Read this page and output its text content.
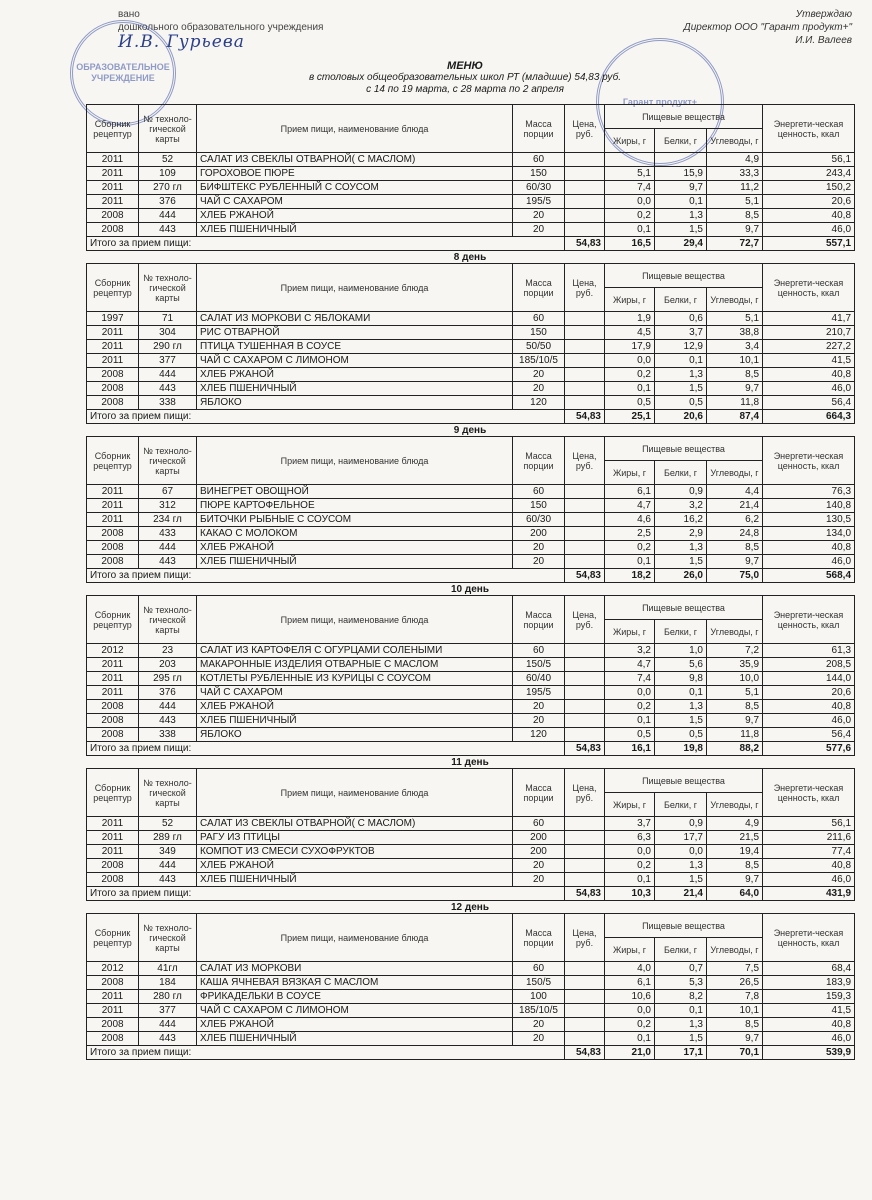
вано
дошкольного образовательного учреждения
И.В. Гурьева
ОБРАЗОВАТЕЛЬНОЕ УЧРЕЖДЕНИЕ
Утверждаю
Директор ООО "Гарант продукт+"
И.И. Валеев
Гарант продукт+
МЕНЮ
в столовых общеобразовательных школ РТ (младшие) 54,83 руб.
с 14 по 19 марта, с 28 марта по 2 апреля
Сборник рецептур	№ техноло-гической карты	Прием пищи, наименование блюда	Масса порции	Цена, руб.	Пищевые вещества			Энергети-ческая ценность, ккал
					Жиры, г	Белки, г	Углеводы, г	
2011	52	САЛАТ ИЗ СВЕКЛЫ ОТВАРНОЙ( С МАСЛОМ)	60				4,9	56,1
2011	109	ГОРОХОВОЕ ПЮРЕ	150		5,1	15,9	33,3	243,4
2011	270 гл	БИФШТЕКС РУБЛЕННЫЙ С СОУСОМ	60/30		7,4	9,7	11,2	150,2
2011	376	ЧАЙ С САХАРОМ	195/5		0,0	0,1	5,1	20,6
2008	444	ХЛЕБ РЖАНОЙ	20		0,2	1,3	8,5	40,8
2008	443	ХЛЕБ ПШЕНИЧНЫЙ	20		0,1	1,5	9,7	46,0
Итого за прием пищи:				54,83	16,5	29,4	72,7	557,1
8 день
Сборник рецептур	№ техноло-гической карты	Прием пищи, наименование блюда	Масса порции	Цена, руб.	Пищевые вещества			Энергети-ческая ценность, ккал
					Жиры, г	Белки, г	Углеводы, г	
1997	71	САЛАТ ИЗ МОРКОВИ С ЯБЛОКАМИ	60		1,9	0,6	5,1	41,7
2011	304	РИС ОТВАРНОЙ	150		4,5	3,7	38,8	210,7
2011	290 гл	ПТИЦА ТУШЕННАЯ В СОУСЕ	50/50		17,9	12,9	3,4	227,2
2011	377	ЧАЙ С САХАРОМ С ЛИМОНОМ	185/10/5		0,0	0,1	10,1	41,5
2008	444	ХЛЕБ РЖАНОЙ	20		0,2	1,3	8,5	40,8
2008	443	ХЛЕБ ПШЕНИЧНЫЙ	20		0,1	1,5	9,7	46,0
2008	338	ЯБЛОКО	120		0,5	0,5	11,8	56,4
Итого за прием пищи:				54,83	25,1	20,6	87,4	664,3
9 день
Сборник рецептур	№ техноло-гической карты	Прием пищи, наименование блюда	Масса порции	Цена, руб.	Пищевые вещества			Энергети-ческая ценность, ккал
					Жиры, г	Белки, г	Углеводы, г	
2011	67	ВИНЕГРЕТ ОВОЩНОЙ	60		6,1	0,9	4,4	76,3
2011	312	ПЮРЕ КАРТОФЕЛЬНОЕ	150		4,7	3,2	21,4	140,8
2011	234 гл	БИТОЧКИ РЫБНЫЕ С СОУСОМ	60/30		4,6	16,2	6,2	130,5
2008	433	КАКАО С МОЛОКОМ	200		2,5	2,9	24,8	134,0
2008	444	ХЛЕБ РЖАНОЙ	20		0,2	1,3	8,5	40,8
2008	443	ХЛЕБ ПШЕНИЧНЫЙ	20		0,1	1,5	9,7	46,0
Итого за прием пищи:				54,83	18,2	26,0	75,0	568,4
10 день
Сборник рецептур	№ техноло-гической карты	Прием пищи, наименование блюда	Масса порции	Цена, руб.	Пищевые вещества			Энергети-ческая ценность, ккал
					Жиры, г	Белки, г	Углеводы, г	
2012	23	САЛАТ ИЗ КАРТОФЕЛЯ С ОГУРЦАМИ СОЛЕНЫМИ	60		3,2	1,0	7,2	61,3
2011	203	МАКАРОННЫЕ ИЗДЕЛИЯ ОТВАРНЫЕ С МАСЛОМ	150/5		4,7	5,6	35,9	208,5
2011	295 гл	КОТЛЕТЫ РУБЛЕННЫЕ ИЗ КУРИЦЫ С СОУСОМ	60/40		7,4	9,8	10,0	144,0
2011	376	ЧАЙ С САХАРОМ	195/5		0,0	0,1	5,1	20,6
2008	444	ХЛЕБ РЖАНОЙ	20		0,2	1,3	8,5	40,8
2008	443	ХЛЕБ ПШЕНИЧНЫЙ	20		0,1	1,5	9,7	46,0
2008	338	ЯБЛОКО	120		0,5	0,5	11,8	56,4
Итого за прием пищи:				54,83	16,1	19,8	88,2	577,6
11 день
Сборник рецептур	№ техноло-гической карты	Прием пищи, наименование блюда	Масса порции	Цена, руб.	Пищевые вещества			Энергети-ческая ценность, ккал
					Жиры, г	Белки, г	Углеводы, г	
2011	52	САЛАТ ИЗ СВЕКЛЫ ОТВАРНОЙ( С МАСЛОМ)	60		3,7	0,9	4,9	56,1
2011	289 гл	РАГУ ИЗ ПТИЦЫ	200		6,3	17,7	21,5	211,6
2011	349	КОМПОТ ИЗ СМЕСИ СУХОФРУКТОВ	200		0,0	0,0	19,4	77,4
2008	444	ХЛЕБ РЖАНОЙ	20		0,2	1,3	8,5	40,8
2008	443	ХЛЕБ ПШЕНИЧНЫЙ	20		0,1	1,5	9,7	46,0
Итого за прием пищи:				54,83	10,3	21,4	64,0	431,9
12 день
Сборник рецептур	№ техноло-гической карты	Прием пищи, наименование блюда	Масса порции	Цена, руб.	Пищевые вещества			Энергети-ческая ценность, ккал
					Жиры, г	Белки, г	Углеводы, г	
2012	41гл	САЛАТ ИЗ МОРКОВИ	60		4,0	0,7	7,5	68,4
2008	184	КАША ЯЧНЕВАЯ ВЯЗКАЯ С МАСЛОМ	150/5		6,1	5,3	26,5	183,9
2011	280 гл	ФРИКАДЕЛЬКИ В СОУСЕ	100		10,6	8,2	7,8	159,3
2011	377	ЧАЙ С САХАРОМ С ЛИМОНОМ	185/10/5		0,0	0,1	10,1	41,5
2008	444	ХЛЕБ РЖАНОЙ	20		0,2	1,3	8,5	40,8
2008	443	ХЛЕБ ПШЕНИЧНЫЙ	20		0,1	1,5	9,7	46,0
Итого за прием пищи:				54,83	21,0	17,1	70,1	539,9
